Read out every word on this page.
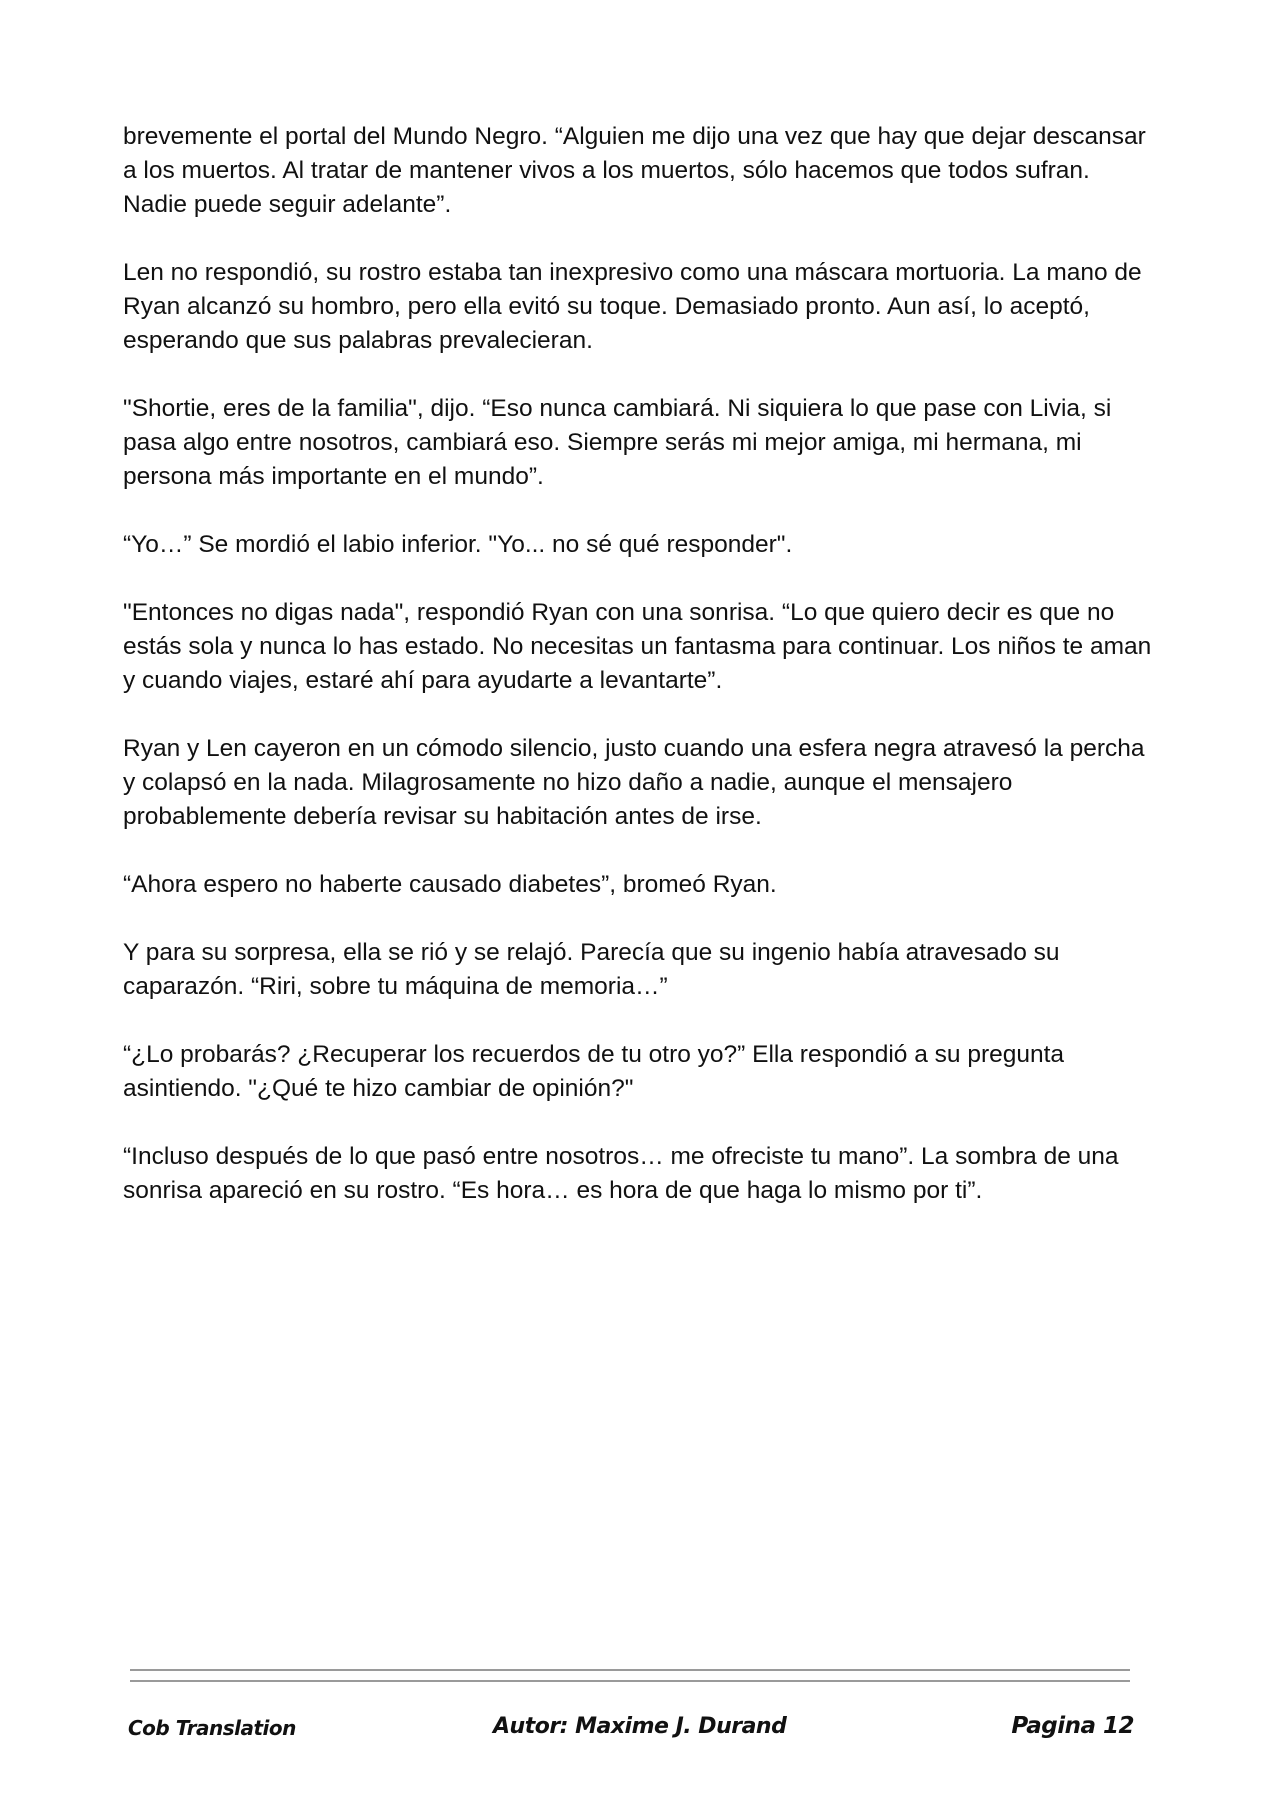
brevemente el portal del Mundo Negro. “Alguien me dijo una vez que hay que dejar descansar a los muertos. Al tratar de mantener vivos a los muertos, sólo hacemos que todos sufran. Nadie puede seguir adelante”.

Len no respondió, su rostro estaba tan inexpresivo como una máscara mortuoria. La mano de Ryan alcanzó su hombro, pero ella evitó su toque. Demasiado pronto. Aun así, lo aceptó, esperando que sus palabras prevalecieran.

"Shortie, eres de la familia", dijo. “Eso nunca cambiará. Ni siquiera lo que pase con Livia, si pasa algo entre nosotros, cambiará eso. Siempre serás mi mejor amiga, mi hermana, mi persona más importante en el mundo”.

“Yo…” Se mordió el labio inferior. "Yo... no sé qué responder".

"Entonces no digas nada", respondió Ryan con una sonrisa. “Lo que quiero decir es que no estás sola y nunca lo has estado. No necesitas un fantasma para continuar. Los niños te aman y cuando viajes, estaré ahí para ayudarte a levantarte”.

Ryan y Len cayeron en un cómodo silencio, justo cuando una esfera negra atravesó la percha y colapsó en la nada. Milagrosamente no hizo daño a nadie, aunque el mensajero probablemente debería revisar su habitación antes de irse.

“Ahora espero no haberte causado diabetes”, bromeó Ryan.

Y para su sorpresa, ella se rió y se relajó. Parecía que su ingenio había atravesado su caparazón. “Riri, sobre tu máquina de memoria…”

“¿Lo probarás? ¿Recuperar los recuerdos de tu otro yo?” Ella respondió a su pregunta asintiendo. "¿Qué te hizo cambiar de opinión?"

“Incluso después de lo que pasó entre nosotros… me ofreciste tu mano”. La sombra de una sonrisa apareció en su rostro. “Es hora… es hora de que haga lo mismo por ti”.

Cob Translation	Autor: Maxime J. Durand	Pagina 12
